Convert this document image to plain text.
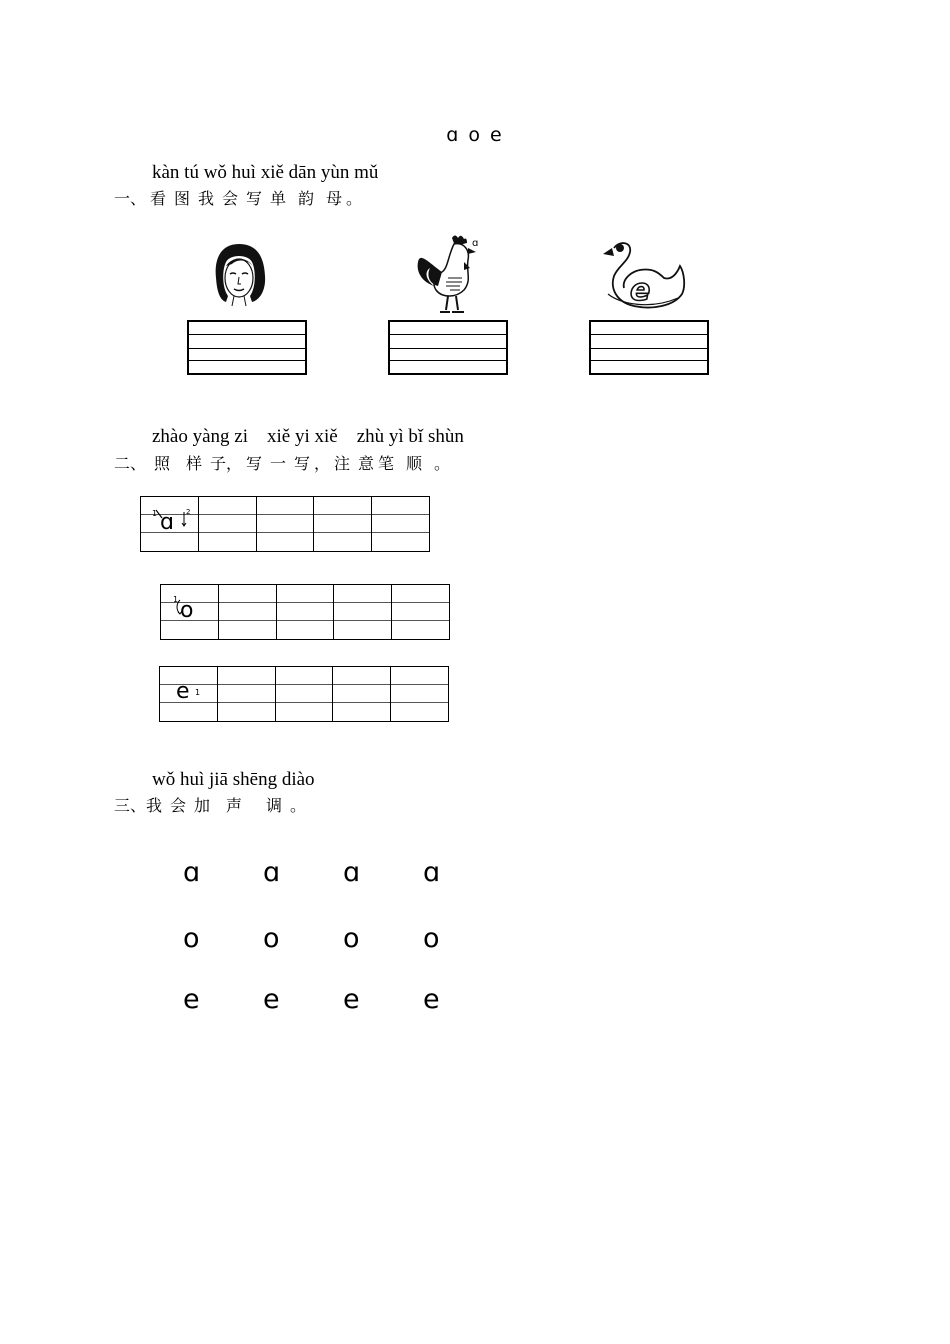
ɑ o e
kàn tú wǒ huì xiě dān yùn mǔ
一、 看  图  我  会  写  单   韵   母 。
ɑ
e
zhào yàng zi    xiě yi xiě    zhù yì bǐ shùn
二、  照    样  子， 写  一  写 ， 注  意 笔   顺   。
ɑ
1	2
o
1
e 1
wǒ huì jiā shēng diào
三、我  会  加    声      调  。
ɑ ɑ ɑ ɑ
o o o o
e e e e
